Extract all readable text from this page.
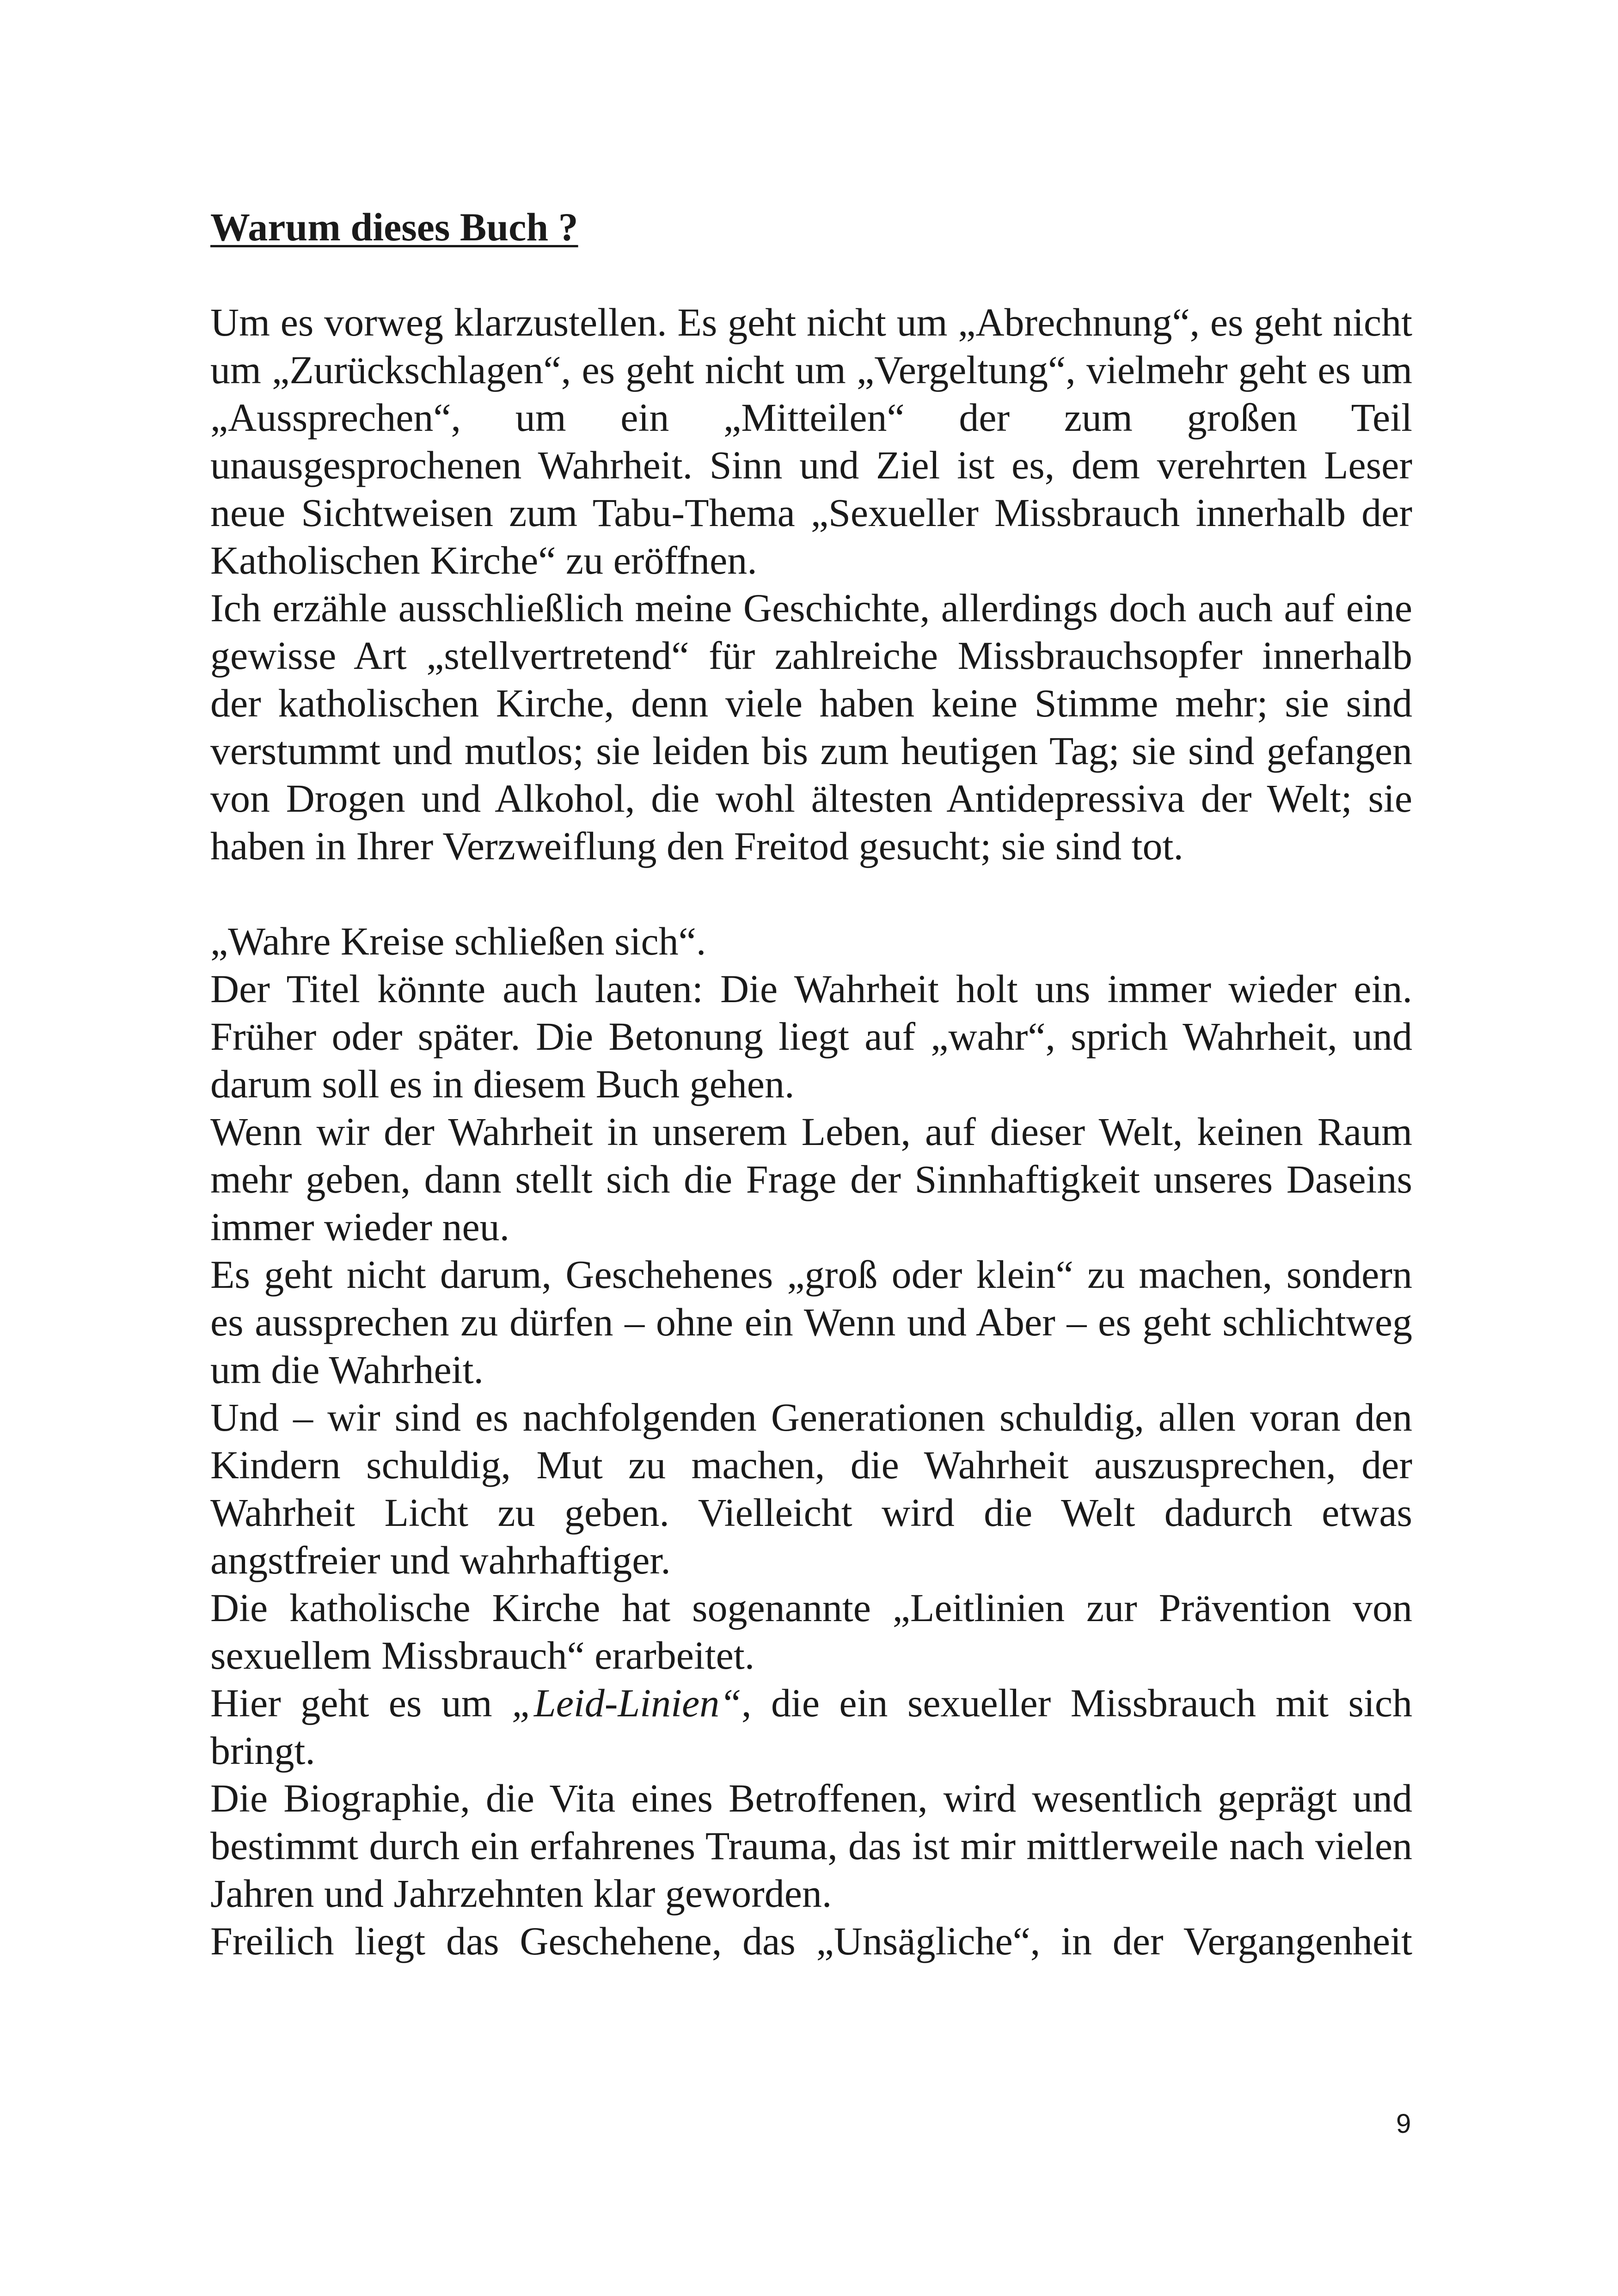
Warum dieses Buch ?

Um es vorweg klarzustellen. Es geht nicht um „Abrechnung“, es geht nicht um „Zurückschlagen“, es geht nicht um „Vergeltung“, vielmehr geht es um „Aussprechen“, um ein „Mitteilen“ der zum großen Teil unausgesprochenen Wahrheit. Sinn und Ziel ist es, dem verehrten Leser neue Sichtweisen zum Tabu-Thema „Sexueller Missbrauch innerhalb der Katholischen Kirche“ zu eröffnen.

Ich erzähle ausschließlich meine Geschichte, allerdings doch auch auf eine gewisse Art „stellvertretend“ für zahlreiche Missbrauchsopfer innerhalb der katholischen Kirche, denn viele haben keine Stimme mehr; sie sind verstummt und mutlos; sie leiden bis zum heutigen Tag; sie sind gefangen von Drogen und Alkohol, die wohl ältesten Antidepressiva der Welt; sie haben in Ihrer Verzweiflung den Freitod gesucht; sie sind tot.

„Wahre Kreise schließen sich“.

Der Titel könnte auch lauten: Die Wahrheit holt uns immer wieder ein. Früher oder später. Die Betonung liegt auf „wahr“, sprich Wahrheit, und darum soll es in diesem Buch gehen.

Wenn wir der Wahrheit in unserem Leben, auf dieser Welt, keinen Raum mehr geben, dann stellt sich die Frage der Sinnhaftigkeit unseres Daseins immer wieder neu.

Es geht nicht darum, Geschehenes „groß oder klein“ zu machen, sondern es aussprechen zu dürfen – ohne ein Wenn und Aber – es geht schlichtweg um die Wahrheit.

Und – wir sind es nachfolgenden Generationen schuldig, allen voran den Kindern schuldig, Mut zu machen, die Wahrheit auszusprechen, der Wahrheit Licht zu geben. Vielleicht wird die Welt dadurch etwas angstfreier und wahrhaftiger.

Die katholische Kirche hat sogenannte „Leitlinien zur Prävention von sexuellem Missbrauch“ erarbeitet.

Hier geht es um „Leid-Linien“, die ein sexueller Missbrauch mit sich bringt.

Die Biographie, die Vita eines Betroffenen, wird wesentlich geprägt und bestimmt durch ein erfahrenes Trauma, das ist mir mittlerweile nach vielen Jahren und Jahrzehnten klar geworden.

Freilich liegt das Geschehene, das „Unsägliche“, in der Vergangenheit

9
